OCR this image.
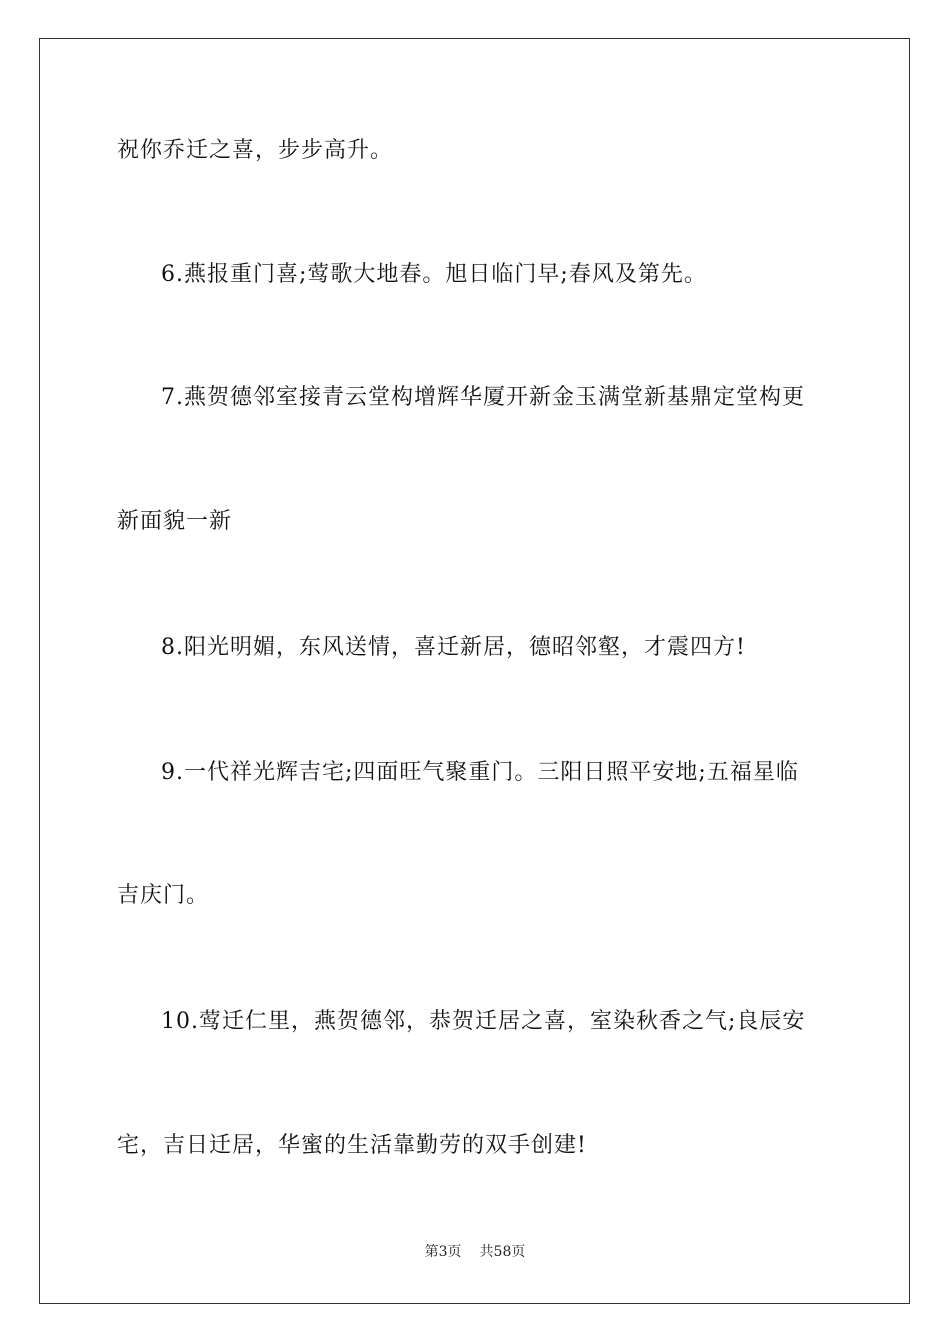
祝你乔迁之喜，步步高升。
6.燕报重门喜;莺歌大地春。旭日临门早;春风及第先。
7.燕贺德邻室接青云堂构增辉华厦开新金玉满堂新基鼎定堂构更
新面貌一新
8.阳光明媚，东风送情，喜迁新居，德昭邻壑，才震四方!
9.一代祥光辉吉宅;四面旺气聚重门。三阳日照平安地;五福星临
吉庆门。
10.莺迁仁里，燕贺德邻，恭贺迁居之喜，室染秋香之气;良辰安
宅，吉日迁居，华蜜的生活靠勤劳的双手创建!
第3页 共58页
